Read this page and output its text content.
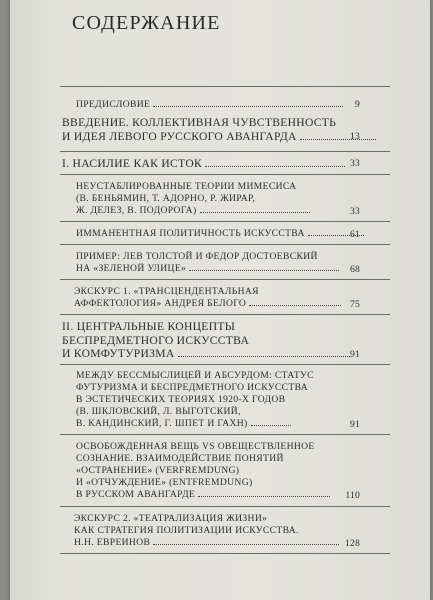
СОДЕРЖАНИЕ
ПРЕДИСЛОВИЕ	9
ВВЕДЕНИЕ. КОЛЛЕКТИВНАЯ ЧУВСТВЕННОСТЬ
И ИДЕЯ ЛЕВОГО РУССКОГО АВАНГАРДА	13
I. НАСИЛИЕ КАК ИСТОК	33
НЕУСТАБЛИРОВАННЫЕ ТЕОРИИ МИМЕСИСА
(В. БЕНЬЯМИН, Т. АДОРНО, Р. ЖИРАР,
Ж. ДЕЛЕЗ, В. ПОДОРОГА)	33
ИММАНЕНТНАЯ ПОЛИТИЧНОСТЬ ИСКУССТВА	61
ПРИМЕР: ЛЕВ ТОЛСТОЙ И ФЕДОР ДОСТОЕВСКИЙ
НА «ЗЕЛЕНОЙ УЛИЦЕ»	68
ЭКСКУРС 1. «ТРАНСЦЕНДЕНТАЛЬНАЯ
АФФЕКТОЛОГИЯ» АНДРЕЯ БЕЛОГО	75
II. ЦЕНТРАЛЬНЫЕ КОНЦЕПТЫ
БЕСПРЕДМЕТНОГО ИСКУССТВА
И КОМФУТУРИЗМА	91
МЕЖДУ БЕССМЫСЛИЦЕЙ И АБСУРДОМ: СТАТУС
ФУТУРИЗМА И БЕСПРЕДМЕТНОГО ИСКУССТВА
В ЭСТЕТИЧЕСКИХ ТЕОРИЯХ 1920-Х ГОДОВ
(В. ШКЛОВСКИЙ, Л. ВЫГОТСКИЙ,
В. КАНДИНСКИЙ, Г. ШПЕТ И ГАХН)	91
ОСВОБОЖДЕННАЯ ВЕЩЬ VS ОВЕЩЕСТВЛЕННОЕ
СОЗНАНИЕ. ВЗАИМОДЕЙСТВИЕ ПОНЯТИЙ
«ОСТРАНЕНИЕ» (VERFREMDUNG)
И «ОТЧУЖДЕНИЕ» (ENTFREMDUNG)
В РУССКОМ АВАНГАРДЕ	110
ЭКСКУРС 2. «ТЕАТРАЛИЗАЦИЯ ЖИЗНИ»
КАК СТРАТЕГИЯ ПОЛИТИЗАЦИИ ИСКУССТВА.
Н.Н. ЕВРЕИНОВ	128
